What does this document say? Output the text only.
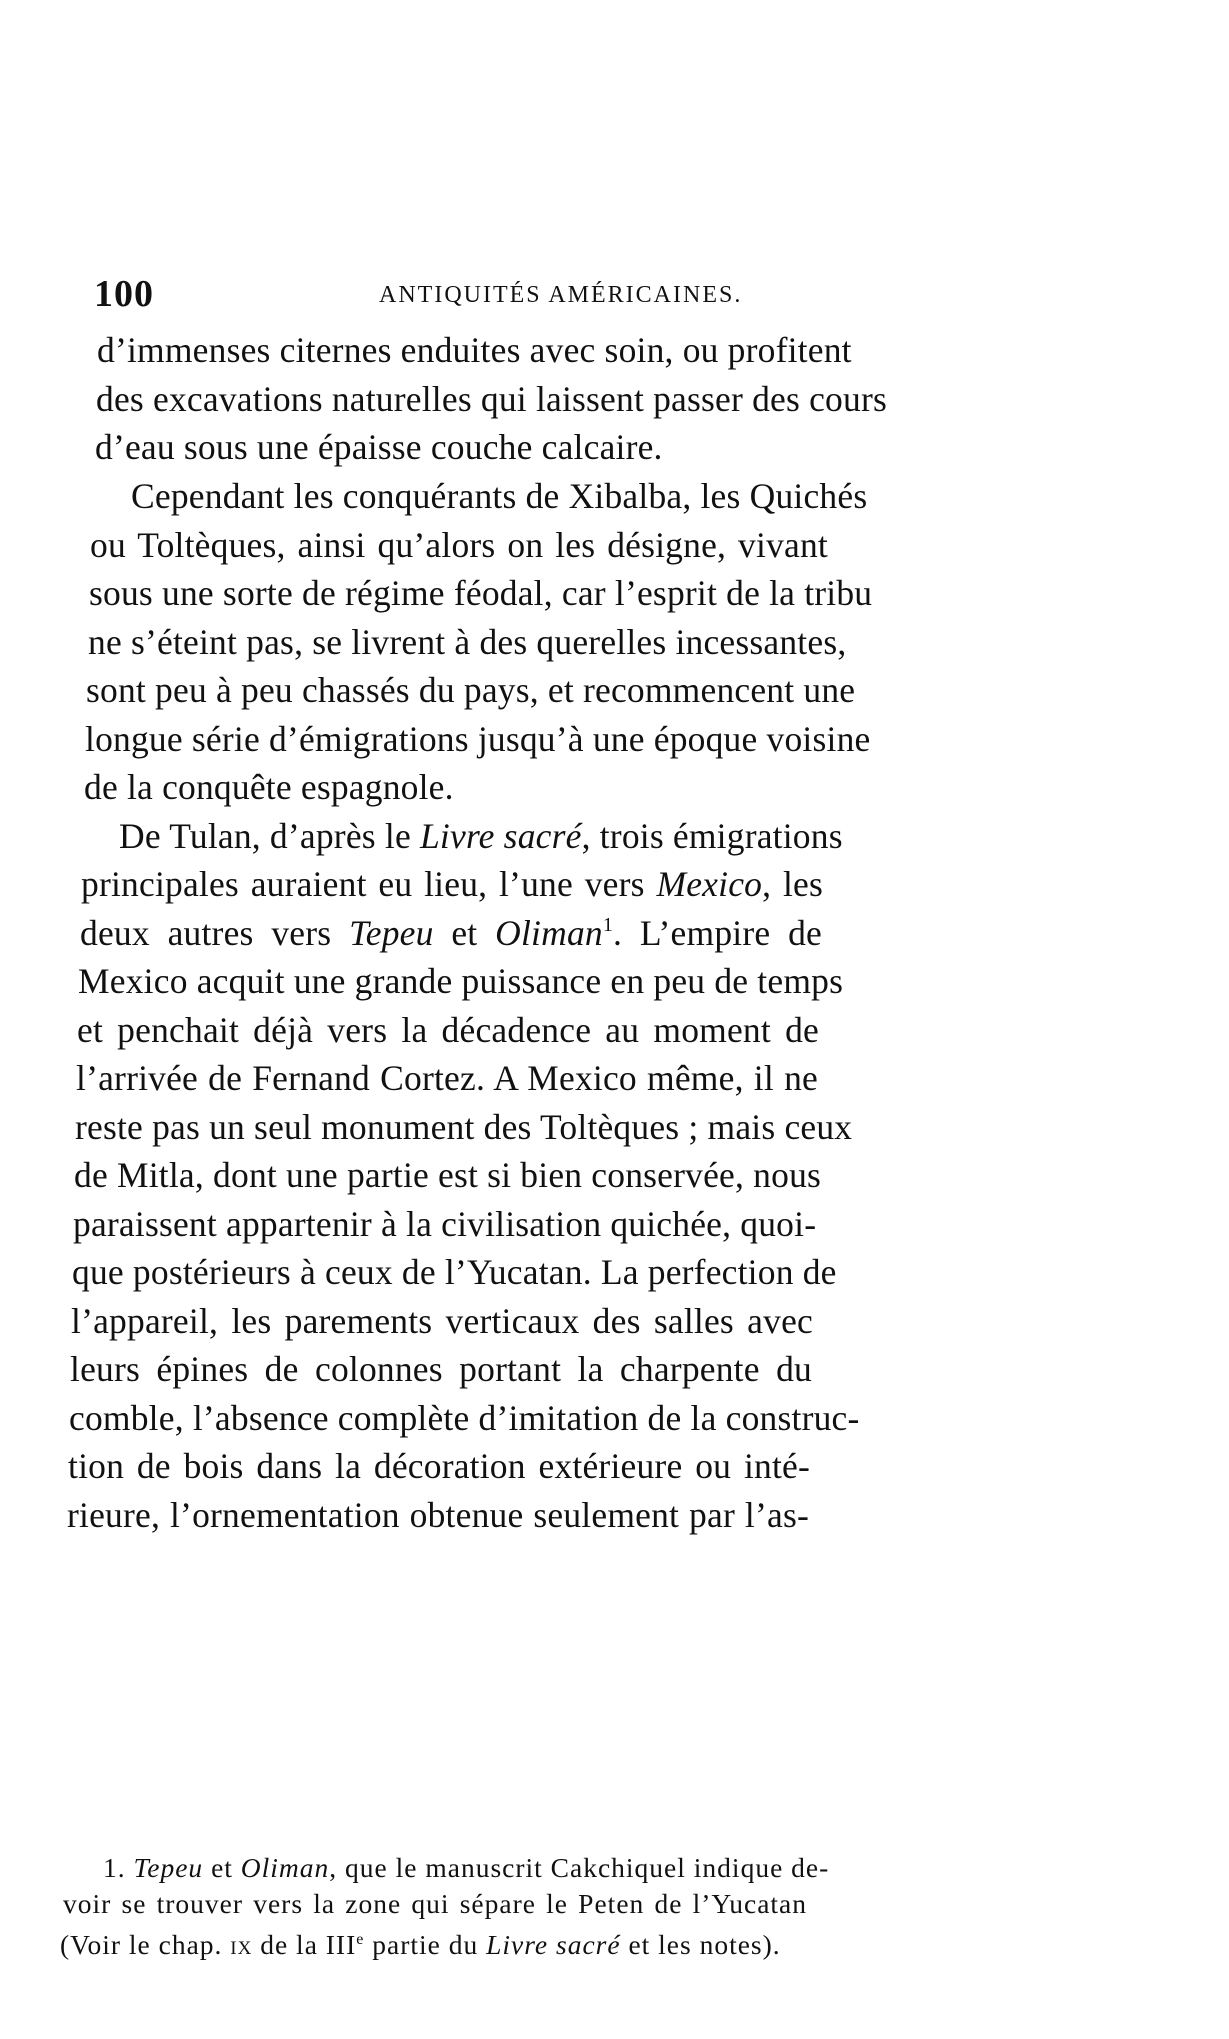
100	ANTIQUITÉS AMÉRICAINES.
d’immenses citernes enduites avec soin, ou profitent
des excavations naturelles qui laissent passer des cours
d’eau sous une épaisse couche calcaire.
Cependant les conquérants de Xibalba, les Quichés
ou Toltèques, ainsi qu’alors on les désigne, vivant
sous une sorte de régime féodal, car l’esprit de la tribu
ne s’éteint pas, se livrent à des querelles incessantes,
sont peu à peu chassés du pays, et recommencent une
longue série d’émigrations jusqu’à une époque voisine
de la conquête espagnole.
De Tulan, d’après le Livre sacré, trois émigrations
principales auraient eu lieu, l’une vers Mexico, les
deux autres vers Tepeu et Oliman$^1$. L’empire de
Mexico acquit une grande puissance en peu de temps
et penchait déjà vers la décadence au moment de
l’arrivée de Fernand Cortez. A Mexico même, il ne
reste pas un seul monument des Toltèques ; mais ceux
de Mitla, dont une partie est si bien conservée, nous
paraissent appartenir à la civilisation quichée, quoi-
que postérieurs à ceux de l’Yucatan. La perfection de
l’appareil, les parements verticaux des salles avec
leurs épines de colonnes portant la charpente du
comble, l’absence complète d’imitation de la construc-
tion de bois dans la décoration extérieure ou inté-
rieure, l’ornementation obtenue seulement par l’as-
1. Tepeu et Oliman, que le manuscrit Cakchiquel indique de-
voir se trouver vers la zone qui sépare le Peten de l’Yucatan
(Voir le chap. IX de la IIIe partie du Livre sacré et les notes).
